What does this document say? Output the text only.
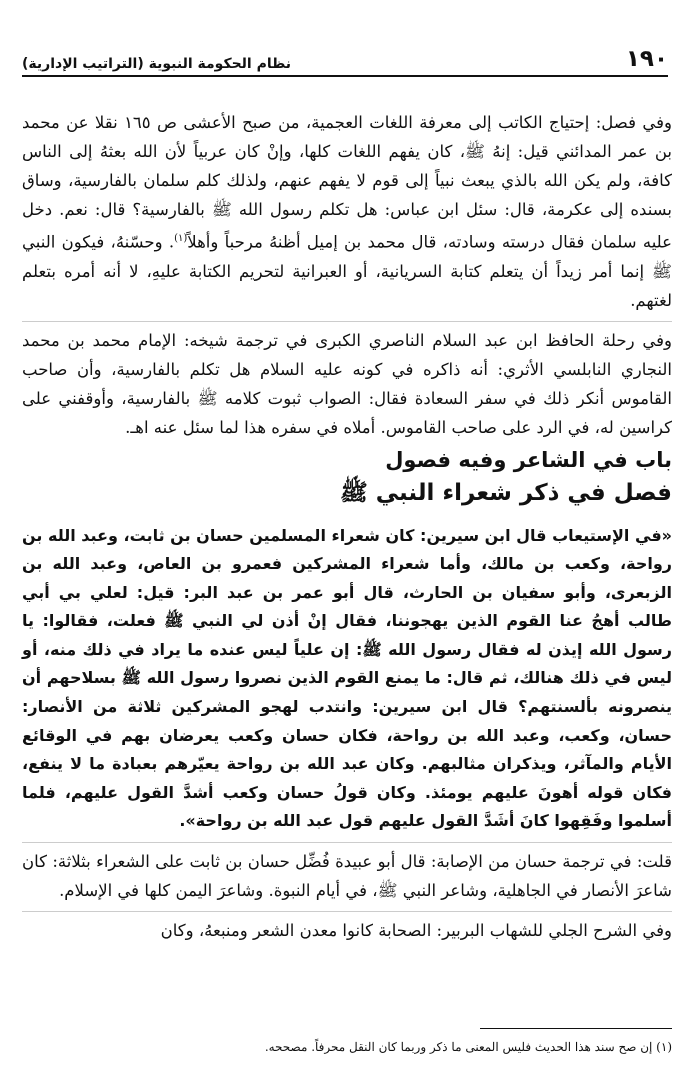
١٩٠
نظام الحكومة النبوية (التراتيب الإدارية)

وفي فصل: إحتياج الكاتب إلى معرفة اللغات العجمية، من صبح الأعشى ص ١٦٥ نقلا عن محمد بن عمر المدائني قيل: إنهُ ﷺ، كان يفهم اللغات كلها، وإنْ كان عربياً لأن الله بعثهُ إلى الناس كافة، ولم يكن الله بالذي يبعث نبياً إلى قوم لا يفهم عنهم، ولذلك كلم سلمان بالفارسية، وساق بسنده إلى عكرمة، قال: سئل ابن عباس: هل تكلم رسول الله ﷺ بالفارسية؟ قال: نعم. دخل عليه سلمان فقال درسته وسادته، قال محمد بن إميل أظنهُ مرحباً وأهلاً$^{(١)}$. وحسّنهُ، فيكون النبي ﷺ إنما أمر زيداً أن يتعلم كتابة السريانية، أو العبرانية لتحريم الكتابة عليهِ، لا أنه أمره بتعلم لغتهم.

وفي رحلة الحافظ ابن عبد السلام الناصري الكبرى في ترجمة شيخه: الإمام محمد بن محمد النجاري النابلسي الأثري: أنه ذاكره في كونه عليه السلام هل تكلم بالفارسية، وأن صاحب القاموس أنكر ذلك في سفر السعادة فقال: الصواب ثبوت كلامه ﷺ بالفارسية، وأوقفني على كراسين له، في الرد على صاحب القاموس. أملاه في سفره هذا لما سئل عنه اهـ.

باب في الشاعر وفيه فصول
فصل في ذكر شعراء النبي ﷺ

«في الإستيعاب قال ابن سيرين: كان شعراء المسلمين حسان بن ثابت، وعبد الله بن رواحة، وكعب بن مالك، وأما شعراء المشركين فعمرو بن العاص، وعبد الله بن الزبعرى، وأبو سفيان بن الحارث، قال أبو عمر بن عبد البر: قيل: لعلي بي أبي طالب أهجُ عنا القوم الذين يهجوننا، فقال إنْ أذن لي النبي ﷺ فعلت، فقالوا: يا رسول الله إيذن له فقال رسول الله ﷺ: إن علياً ليس عنده ما يراد في ذلك منه، أو ليس في ذلك هنالك، ثم قال: ما يمنع القوم الذين نصروا رسول الله ﷺ بسلاحهم أن ينصرونه بألسنتهم؟ قال ابن سيرين: وانتدب لهجو المشركين ثلاثة من الأنصار: حسان، وكعب، وعبد الله بن رواحة، فكان حسان وكعب يعرضان بهم في الوقائع الأيام والمآثر، ويذكران مثالبهم. وكان عبد الله بن رواحة يعيّرهم بعبادة ما لا ينفع، فكان قوله أهونَ عليهم يومئذ. وكان قولُ حسان وكعب أشدَّ القول عليهم، فلما أسلموا وفَقِهوا كانَ أشَدَّ القول عليهم قول عبد الله بن رواحة».

قلت: في ترجمة حسان من الإصابة: قال أبو عبيدة فُضِّل حسان بن ثابت على الشعراء بثلاثة: كان شاعرَ الأنصار في الجاهلية، وشاعر النبي ﷺ، في أيام النبوة. وشاعرَ اليمن كلها في الإسلام.

وفي الشرح الجلي للشهاب البربير: الصحابة كانوا معدن الشعر ومنبعهُ، وكان

(١) إن صح سند هذا الحديث فليس المعنى ما ذكر وربما كان النقل محرفاً. مصححه.
